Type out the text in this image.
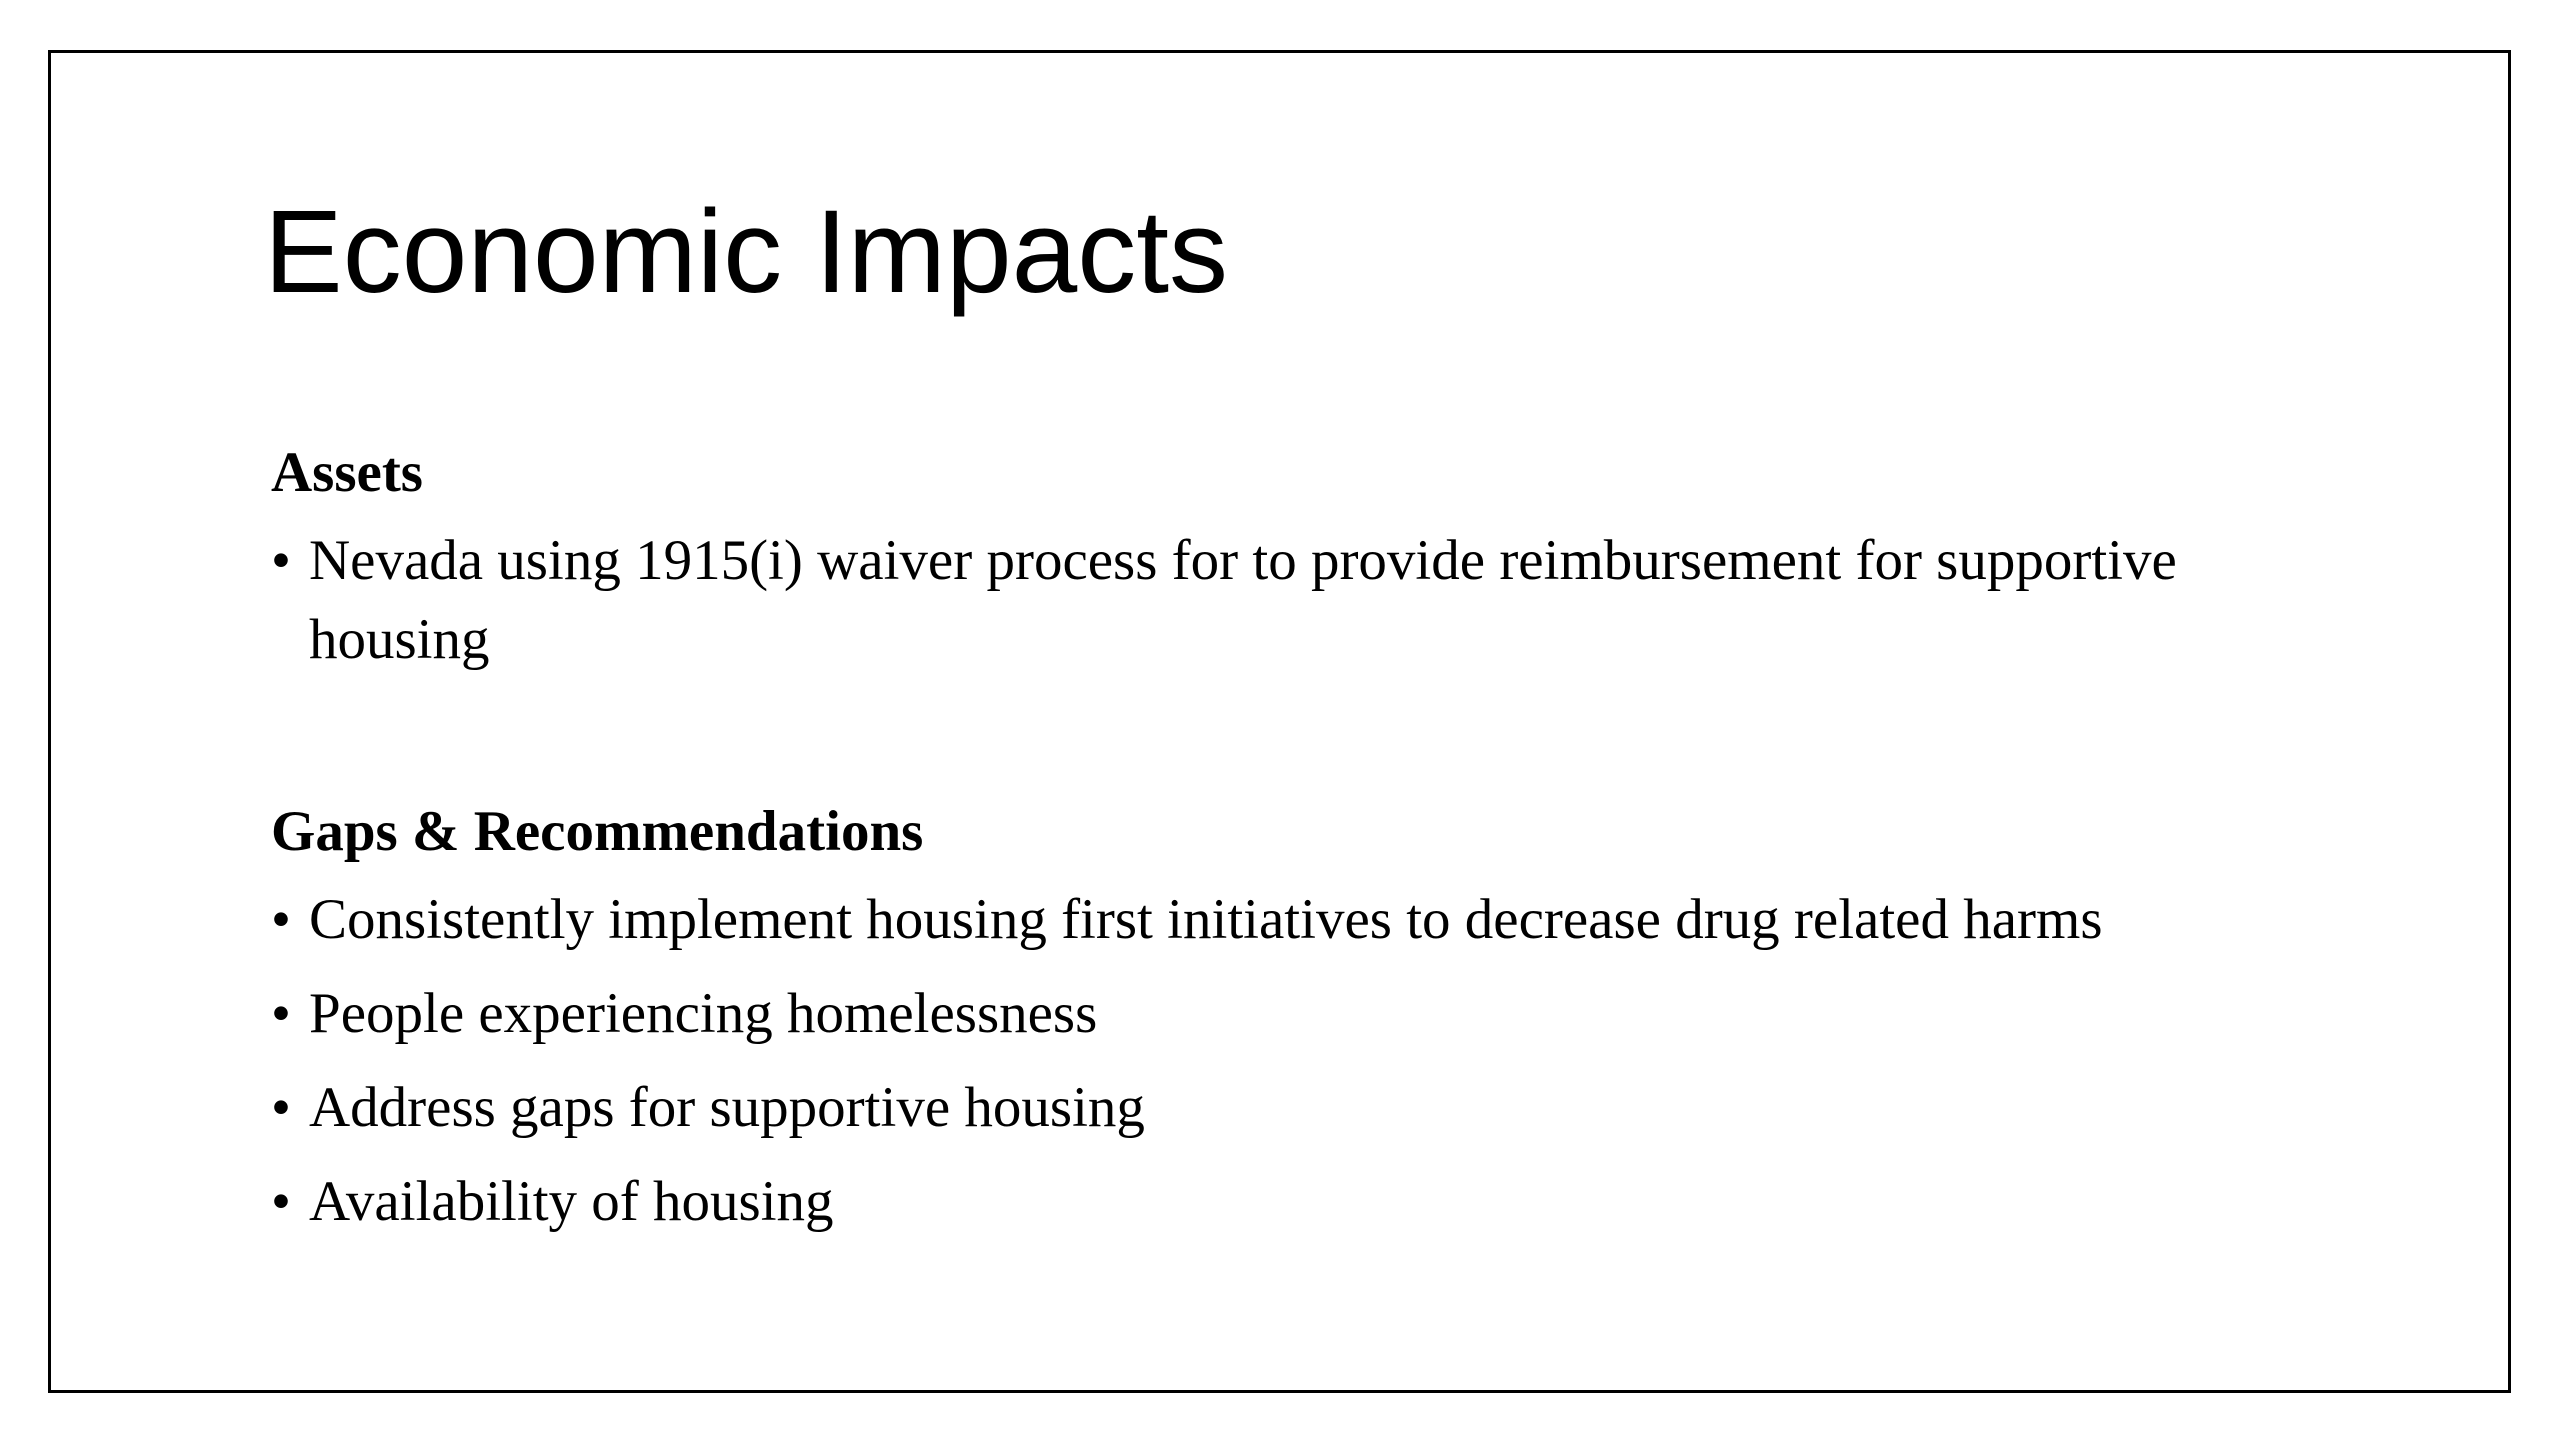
Economic Impacts
Assets
• Nevada using 1915(i) waiver process for to provide reimbursement for supportive housing
Gaps & Recommendations
• Consistently implement housing first initiatives to decrease drug related harms
• People experiencing homelessness
• Address gaps for supportive housing
• Availability of housing
